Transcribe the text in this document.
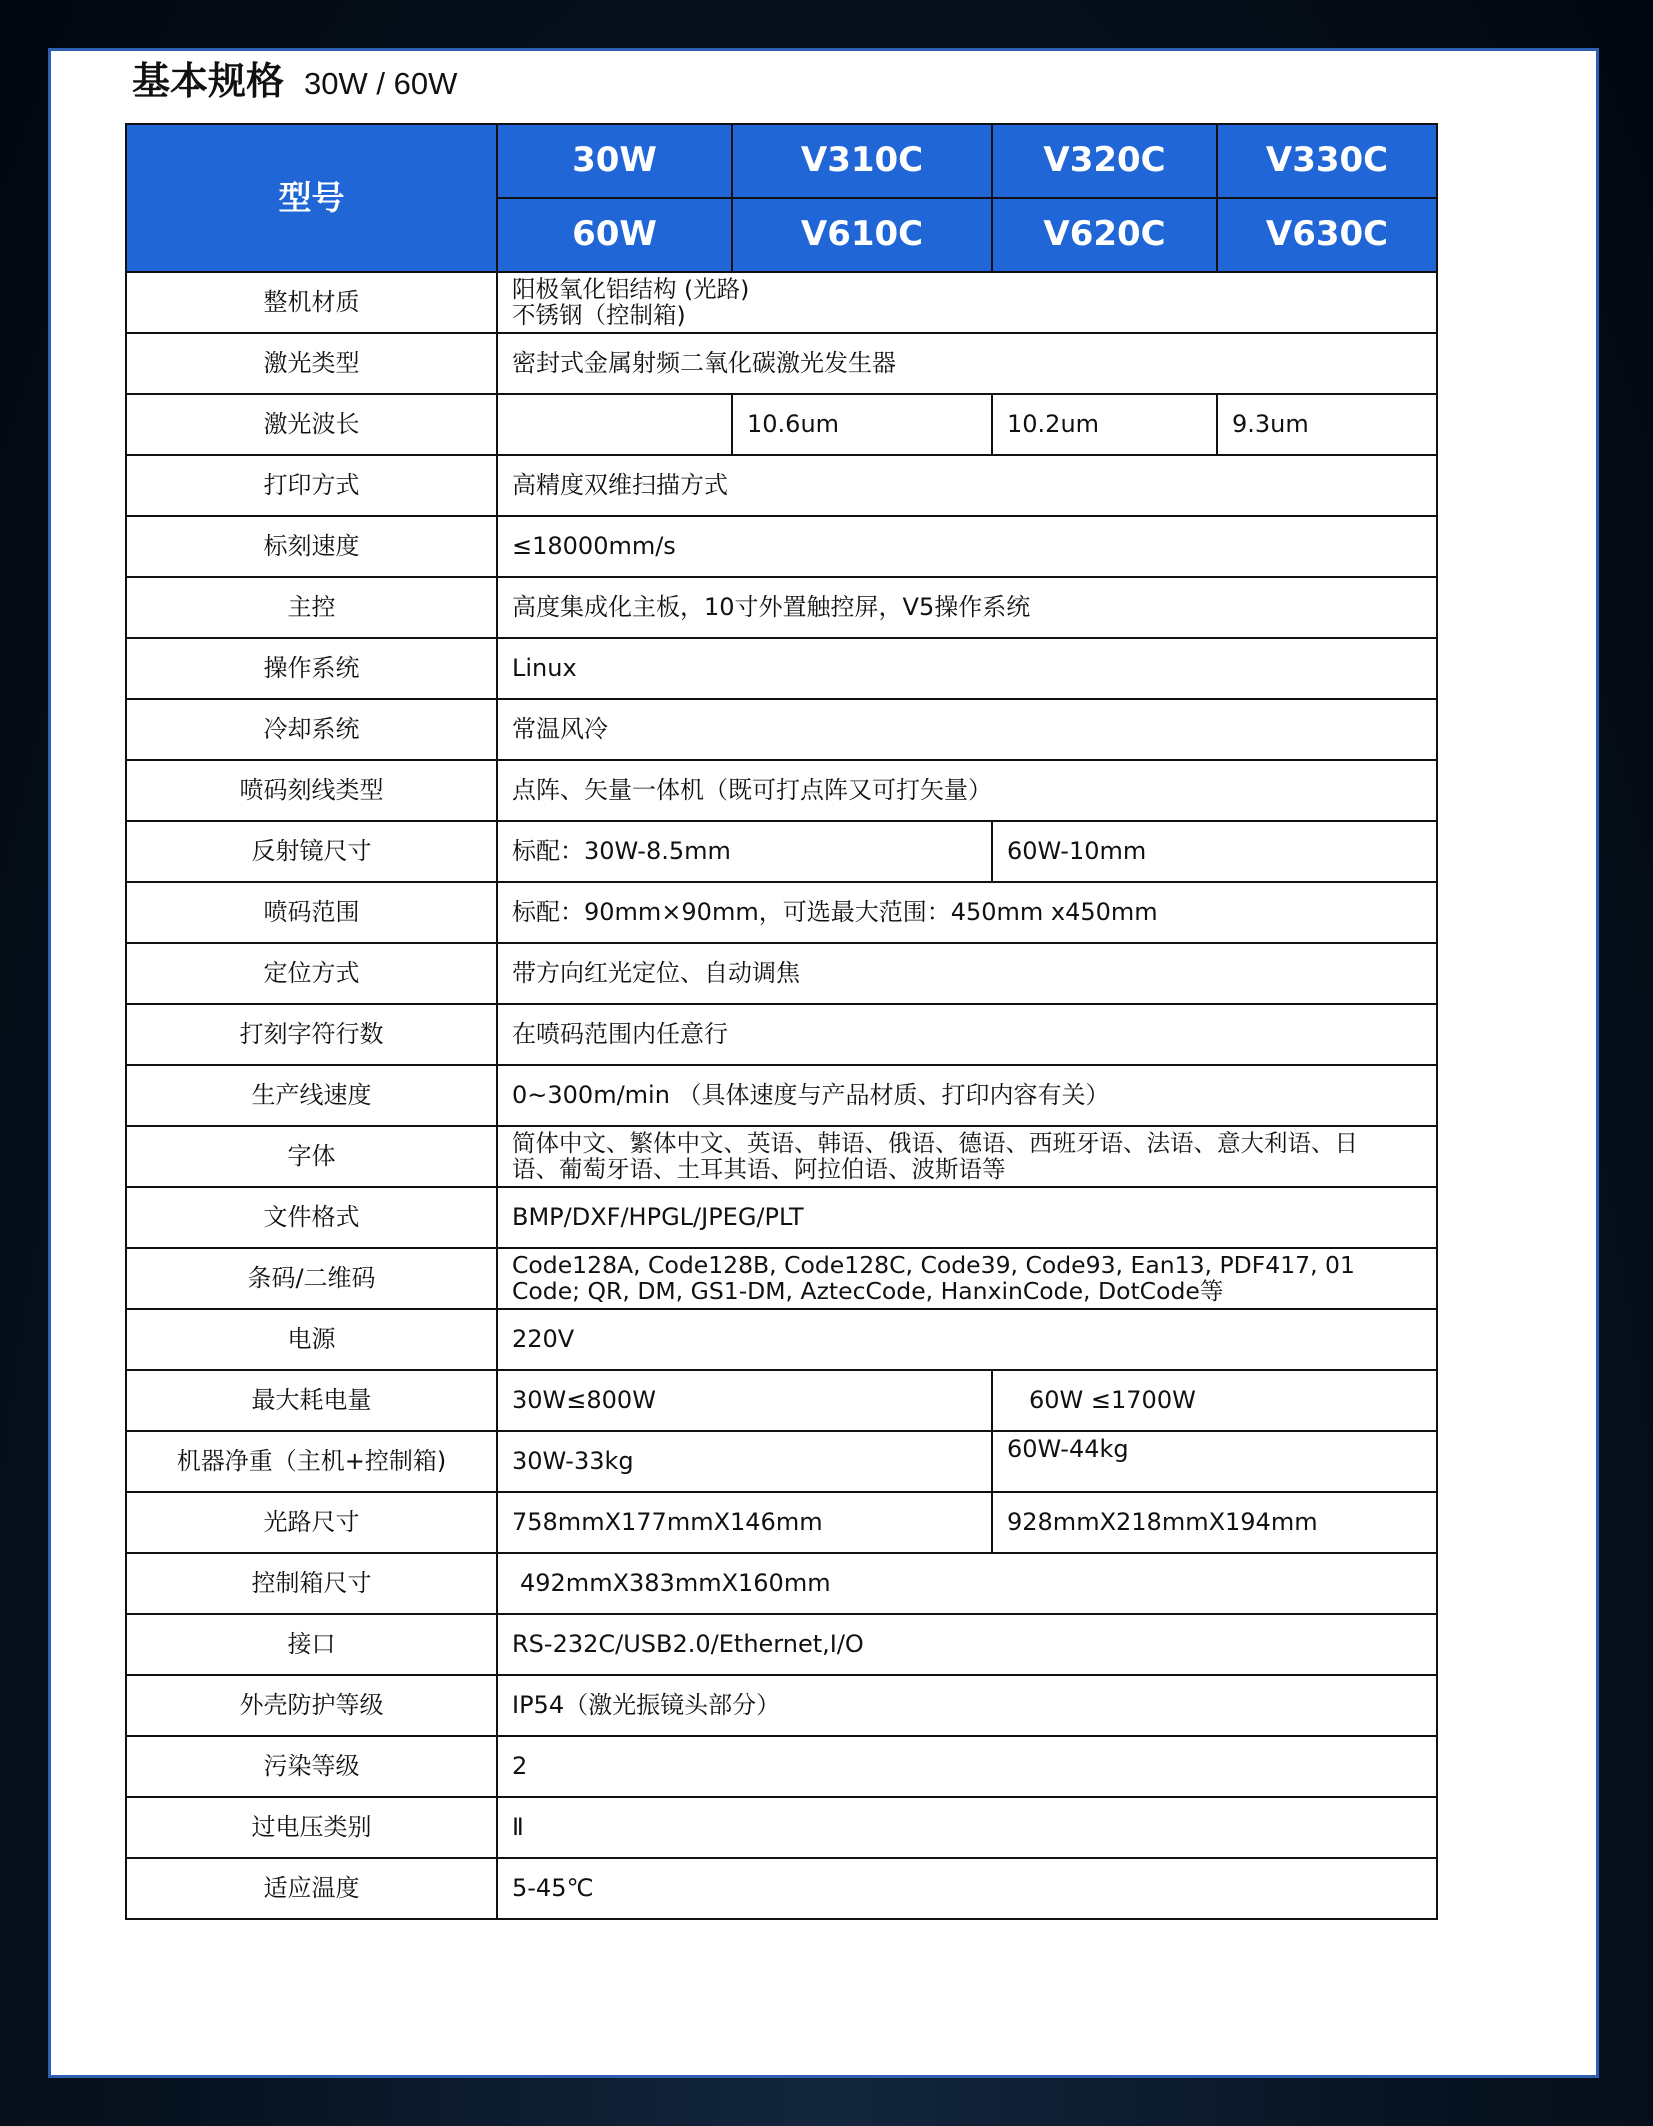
基本规格 30W / 60W
型号	30W	V310C	V320C	V330C
	60W	V610C	V620C	V630C
整机材质	阳极氧化铝结构 (光路)
不锈钢（控制箱)			

激光类型	密封式金属射频二氧化碳激光发生器			
激光波长		10.6um	10.2um	9.3um
打印方式	高精度双维扫描方式			
标刻速度	≤18000mm/s			
主控	高度集成化主板，10寸外置触控屏，V5操作系统			
操作系统	Linux			
冷却系统	常温风冷			
喷码刻线类型	点阵、矢量一体机（既可打点阵又可打矢量）			
反射镜尺寸	标配：30W-8.5mm		60W-10mm	
喷码范围	标配：90mm×90mm，可选最大范围：450mm x450mm			
定位方式	带方向红光定位、自动调焦			
打刻字符行数	在喷码范围内任意行			
生产线速度	0~300m/min （具体速度与产品材质、打印内容有关）			
字体	简体中文、繁体中文、英语、韩语、俄语、德语、西班牙语、法语、意大利语、日
语、葡萄牙语、土耳其语、阿拉伯语、波斯语等			

文件格式	BMP/DXF/HPGL/JPEG/PLT			
条码/二维码	Code128A, Code128B, Code128C, Code39, Code93, Ean13, PDF417, 01
Code; QR, DM, GS1-DM, AztecCode, HanxinCode, DotCode等			

电源	220V			
最大耗电量	30W≤800W		60W ≤1700W	
机器净重（主机+控制箱)	30W-33kg		60W-44kg	
光路尺寸	758mmX177mmX146mm		928mmX218mmX194mm	
控制箱尺寸	492mmX383mmX160mm			
接口	RS-232C/USB2.0/Ethernet,I/O			
外壳防护等级	IP54（激光振镜头部分）			
污染等级	2			
过电压类别	Ⅱ			
适应温度	5-45℃			
